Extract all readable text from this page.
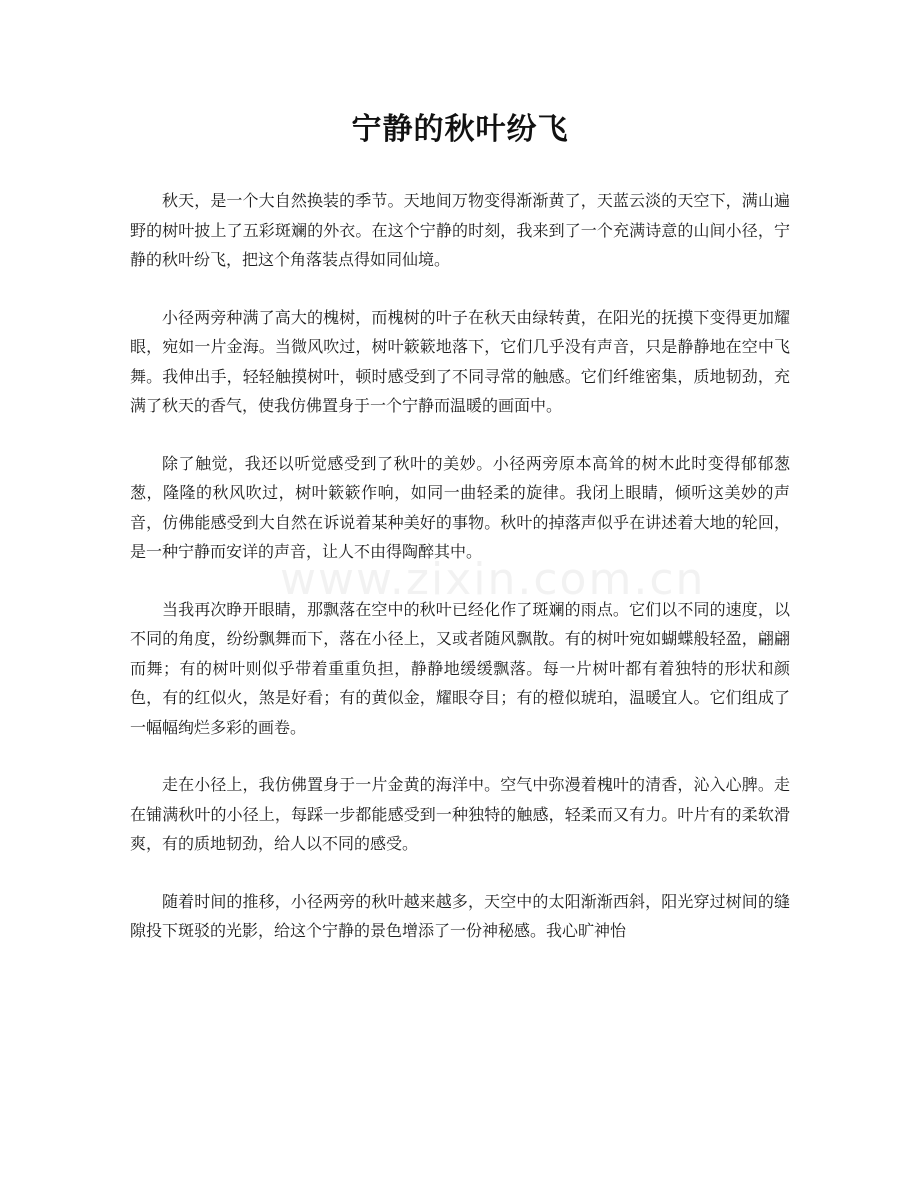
宁静的秋叶纷飞

秋天，是一个大自然换装的季节。天地间万物变得渐渐黄了，天蓝云淡的天空下，满山遍野的树叶披上了五彩斑斓的外衣。在这个宁静的时刻，我来到了一个充满诗意的山间小径，宁静的秋叶纷飞，把这个角落装点得如同仙境。

小径两旁种满了高大的槐树，而槐树的叶子在秋天由绿转黄，在阳光的抚摸下变得更加耀眼，宛如一片金海。当微风吹过，树叶簌簌地落下，它们几乎没有声音，只是静静地在空中飞舞。我伸出手，轻轻触摸树叶，顿时感受到了不同寻常的触感。它们纤维密集，质地韧劲，充满了秋天的香气，使我仿佛置身于一个宁静而温暖的画面中。

除了触觉，我还以听觉感受到了秋叶的美妙。小径两旁原本高耸的树木此时变得郁郁葱葱，隆隆的秋风吹过，树叶簌簌作响，如同一曲轻柔的旋律。我闭上眼睛，倾听这美妙的声音，仿佛能感受到大自然在诉说着某种美好的事物。秋叶的掉落声似乎在讲述着大地的轮回，是一种宁静而安详的声音，让人不由得陶醉其中。

当我再次睁开眼睛，那飘落在空中的秋叶已经化作了斑斓的雨点。它们以不同的速度，以不同的角度，纷纷飘舞而下，落在小径上，又或者随风飘散。有的树叶宛如蝴蝶般轻盈，翩翩而舞；有的树叶则似乎带着重重负担，静静地缓缓飘落。每一片树叶都有着独特的形状和颜色，有的红似火，煞是好看；有的黄似金，耀眼夺目；有的橙似琥珀，温暖宜人。它们组成了一幅幅绚烂多彩的画卷。

走在小径上，我仿佛置身于一片金黄的海洋中。空气中弥漫着槐叶的清香，沁入心脾。走在铺满秋叶的小径上，每踩一步都能感受到一种独特的触感，轻柔而又有力。叶片有的柔软滑爽，有的质地韧劲，给人以不同的感受。

随着时间的推移，小径两旁的秋叶越来越多，天空中的太阳渐渐西斜，阳光穿过树间的缝隙投下斑驳的光影，给这个宁静的景色增添了一份神秘感。我心旷神怡

www.zixin.com.cn
